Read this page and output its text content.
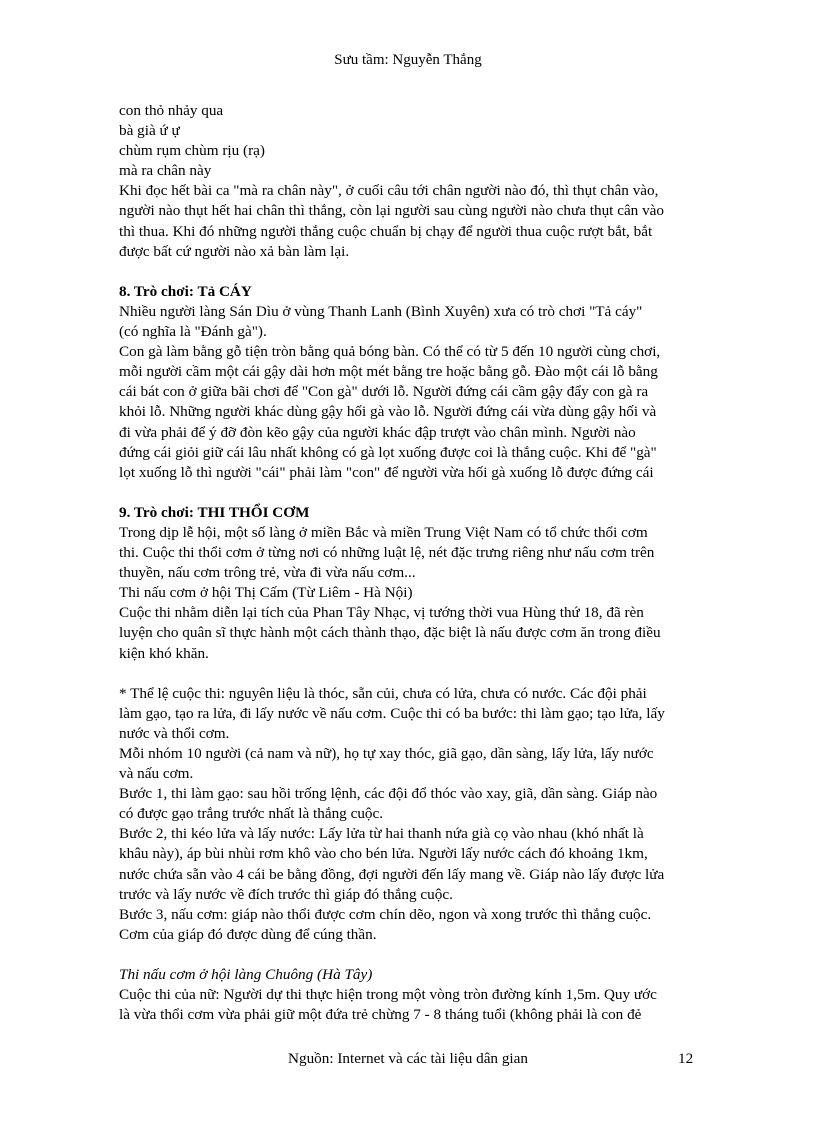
Sưu tầm: Nguyễn Thắng

con thỏ nhảy qua

bà già ứ ự

chùm rụm chùm rịu (rạ)

mà ra chân này

Khi đọc hết bài ca "mà ra chân này", ở cuối câu tới chân người nào đó, thì thụt chân vào,

người nào thụt hết hai chân thì thắng, còn lại người sau cùng người nào chưa thụt cân vào

thì thua. Khi đó những người thắng cuộc chuẩn bị chạy để người thua cuộc rượt bắt, bắt

được bất cứ người nào xả bàn làm lại.

8. Trò chơi: Tả CÁY

Nhiều người làng Sán Dìu ở vùng Thanh Lanh (Bình Xuyên) xưa có trò chơi "Tả cáy"

(có nghĩa là "Đánh gà").

Con gà làm bằng gỗ tiện tròn bằng quả bóng bàn. Có thể có từ 5 đến 10 người cùng chơi,

mỗi người cầm một cái gậy dài hơn một mét bằng tre hoặc bằng gỗ. Đào một cái lỗ bằng

cái bát con ở giữa bãi chơi để "Con gà" dưới lỗ. Người đứng cái cầm gậy đẩy con gà ra

khỏi lỗ. Những người khác dùng gậy hối gà vào lỗ. Người đứng cái vừa dùng gậy hối và

đi vừa phải để ý đỡ đòn kẽo gậy của người khác đập trượt vào chân mình. Người nào

đứng cái giỏi giữ cái lâu nhất không có gà lọt xuống được coi là thắng cuộc. Khi để "gà"

lọt xuống lỗ thì người "cái" phải làm "con" để người vừa hối gà xuống lỗ được đứng cái

9. Trò chơi: THI THỔI CƠM

Trong dịp lễ hội, một số làng ở miền Bắc và miền Trung Việt Nam có tổ chức thổi cơm

thi. Cuộc thi thổi cơm ở từng nơi có những luật lệ, nét đặc trưng riêng như nấu cơm trên

thuyền, nấu cơm trông trẻ, vừa đi vừa nấu cơm...

Thi nấu cơm ở hội Thị Cấm (Từ Liêm - Hà Nội)

Cuộc thi nhằm diễn lại tích của Phan Tây Nhạc, vị tướng thời vua Hùng thứ 18, đã rèn

luyện cho quân sĩ thực hành một cách thành thạo, đặc biệt là nấu được cơm ăn trong điều

kiện khó khăn.

* Thể lệ cuộc thi: nguyên liệu là thóc, sẵn củi, chưa có lửa, chưa có nước. Các đội phải

làm gạo, tạo ra lửa, đi lấy nước về nấu cơm. Cuộc thi có ba bước: thi làm gạo; tạo lửa, lấy

nước và thổi cơm.

Mỗi nhóm 10 người (cả nam và nữ), họ tự xay thóc, giã gạo, dần sàng, lấy lửa, lấy nước

và nấu cơm.

Bước 1, thi làm gạo: sau hồi trống lệnh, các đội đổ thóc vào xay, giã, dần sàng. Giáp nào

có được gạo trắng trước nhất là thắng cuộc.

Bước 2, thi kéo lửa và lấy nước: Lấy lửa từ hai thanh nứa già cọ vào nhau (khó nhất là

khâu này), áp bùi nhùi rơm khô vào cho bén lửa. Người lấy nước cách đó khoảng 1km,

nước chứa sẵn vào 4 cái be bằng đồng, đợi người đến lấy mang về. Giáp nào lấy được lửa

trước và lấy nước về đích trước thì giáp đó thắng cuộc.

Bước 3, nấu cơm: giáp nào thổi được cơm chín dẽo, ngon và xong trước thì thắng cuộc.

Cơm của giáp đó được dùng để cúng thần.

Thi nấu cơm ở hội làng Chuông (Hà Tây)

Cuộc thi của nữ: Người dự thi thực hiện trong một vòng tròn đường kính 1,5m. Quy ước

là vừa thổi cơm vừa phải giữ một đứa trẻ chừng 7 - 8 tháng tuổi (không phải là con đẻ

Nguồn: Internet và các tài liệu dân gian	12
